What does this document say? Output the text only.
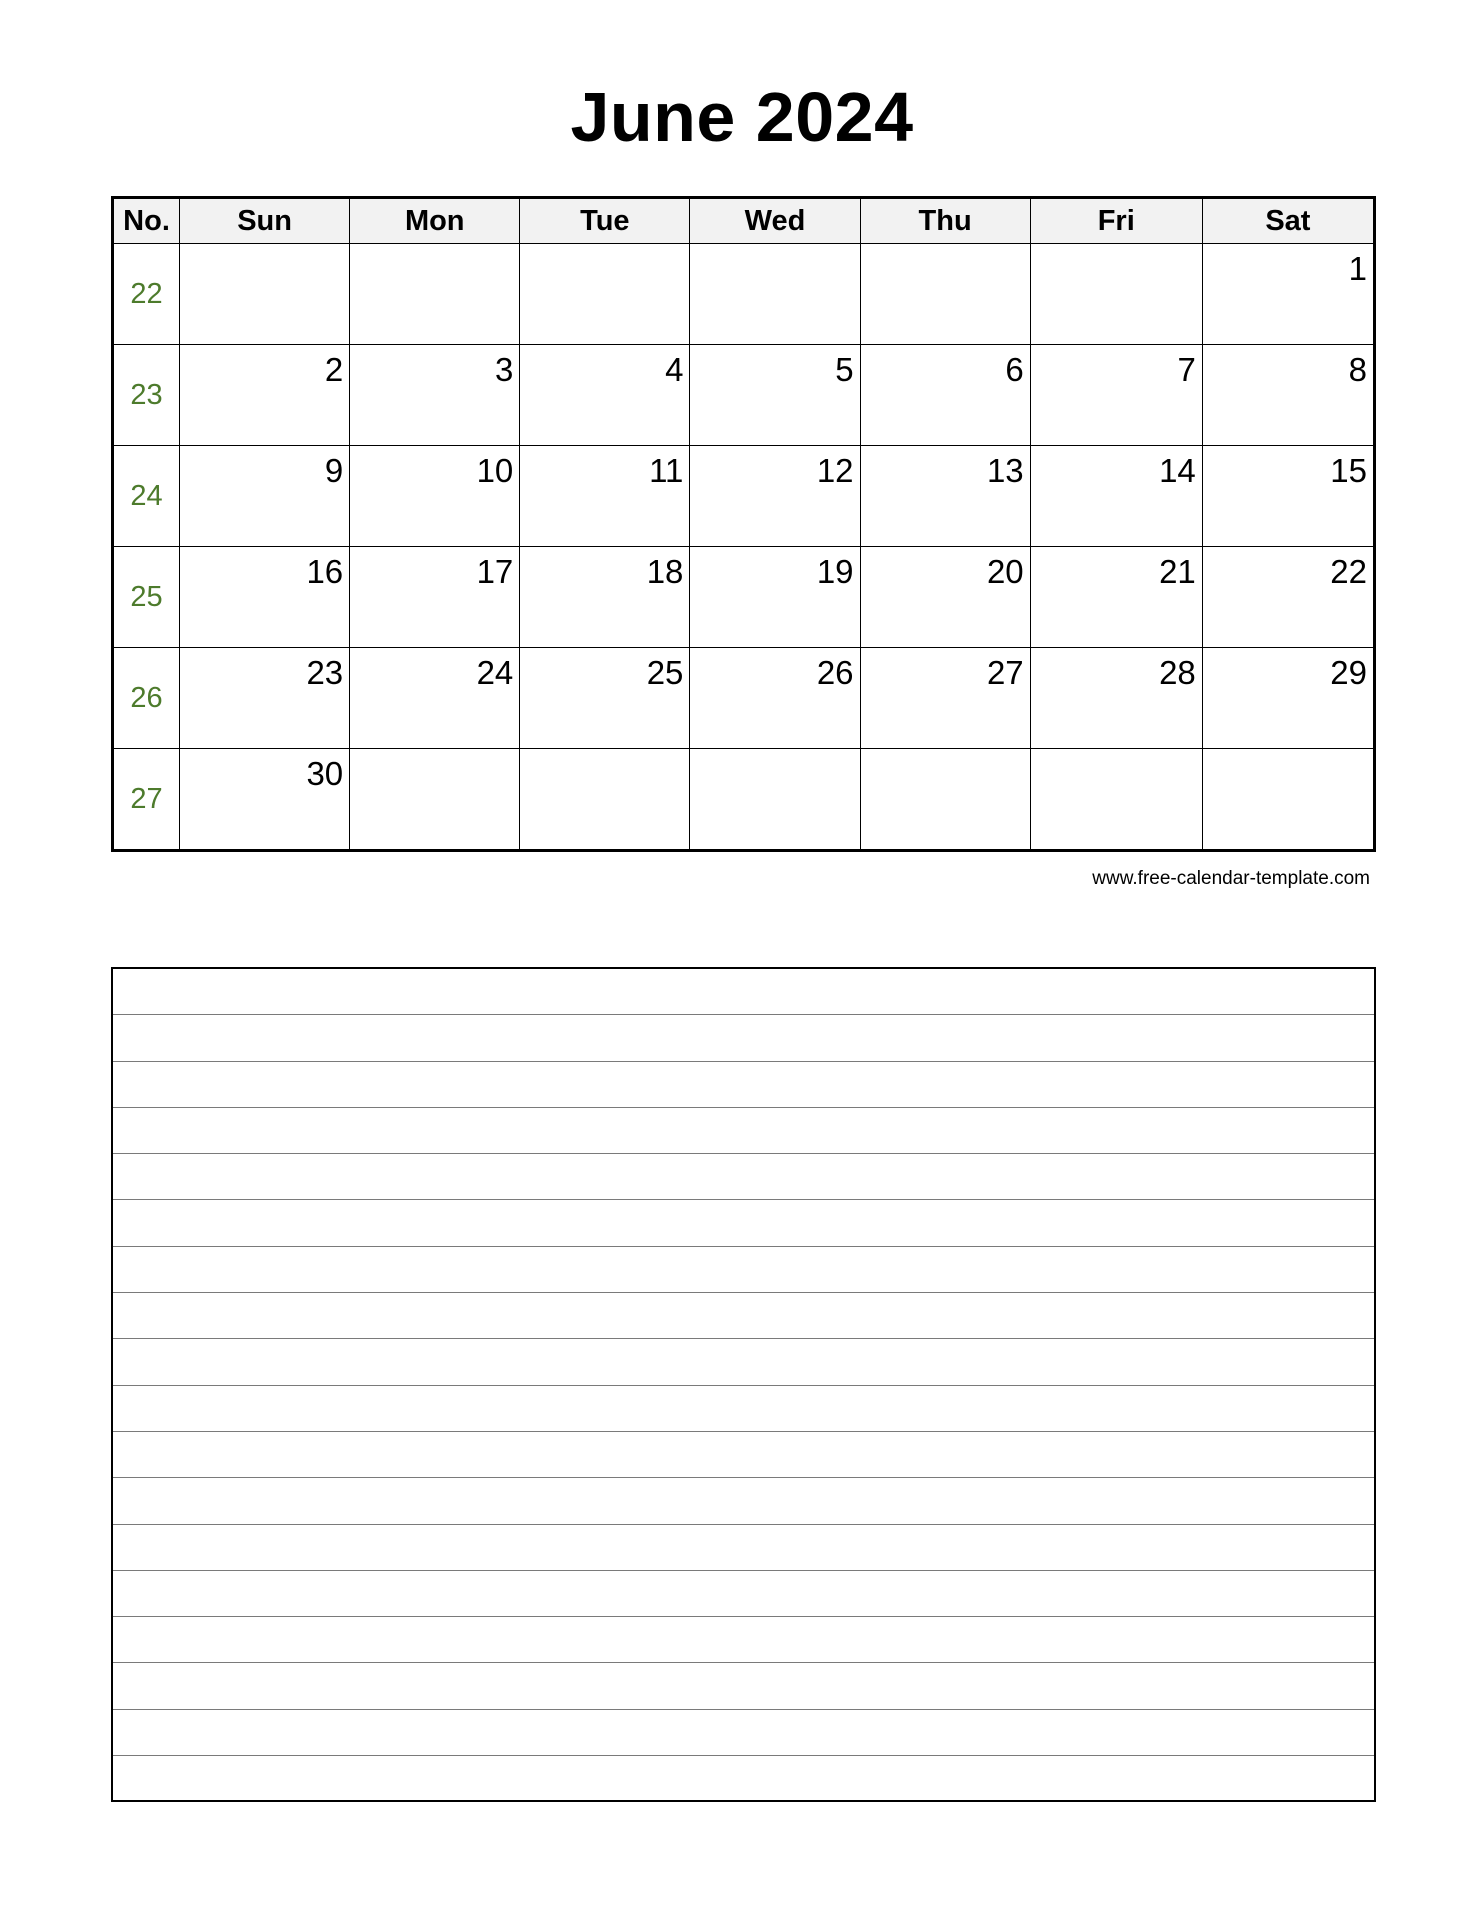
June 2024
No.	Sun	Mon	Tue	Wed	Thu	Fri	Sat

22							1

23	2	3	4	5	6	7	8

24	9	10	11	12	13	14	15

25	16	17	18	19	20	21	22

26	23	24	25	26	27	28	29

27	30						

www.free-calendar-template.com
